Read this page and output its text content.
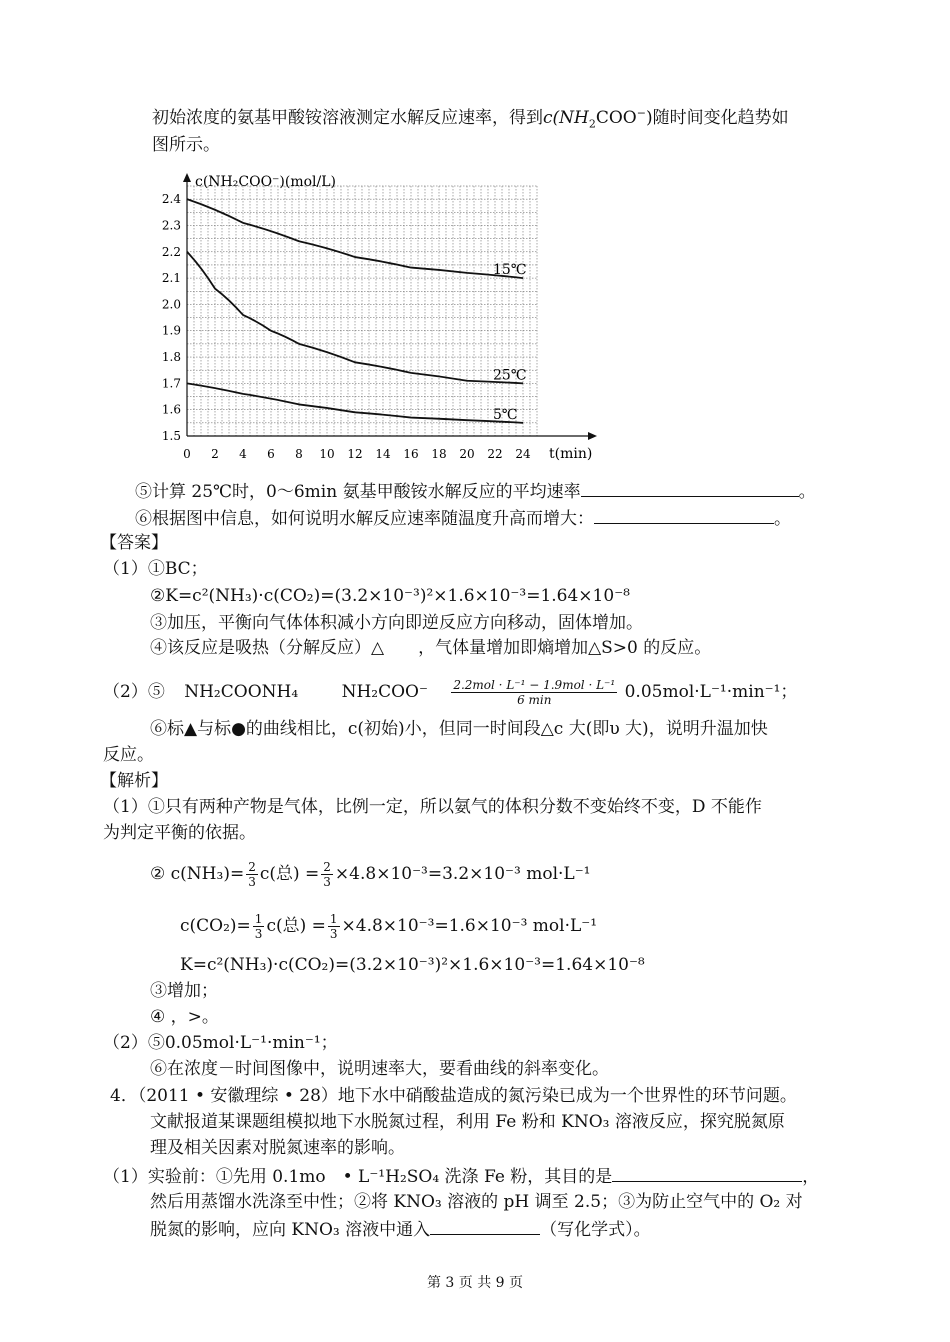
初始浓度的氨基甲酸铵溶液测定水解反应速率，得到$c(NH_2COO^-)$随时间变化趋势如
图所示。
0 2 4 6 8 10 12 14 16 18 20 22 24
2.4
2.3
2.2
2.1
2.0
1.9
1.8
1.7
1.6
1.5
c(NH₂COO⁻)(mol/L)
t(min)
15℃
25℃
5℃
⑤计算 25℃时，0～6min 氨基甲酸铵水解反应的平均速率	。
⑥根据图中信息，如何说明水解反应速率随温度升高而增大：	。
【答案】
（1）①BC；
②K=c²(NH₃)·c(CO₂)=(3.2×10⁻³)²×1.6×10⁻³=1.64×10⁻⁸
③加压，平衡向气体体积减小方向即逆反应方向移动，固体增加。
④该反应是吸热（分解反应）△　　，气体量增加即熵增加△S>0 的反应。
（2）⑤ NH₂COONH₄	$NH_2COO^- \frac{\text{2.2mol · L⁻¹ − 1.9mol · L⁻¹}}{6 \min} 0.05mol\cdot L^{-1}\cdot\min^{-1}$；
⑥标▲与标●的曲线相比，c(初始)小，但同一时间段△c 大(即υ 大)，说明升温加快
反应。
【解析】
（1）①只有两种产物是气体，比例一定，所以氨气的体积分数不变始终不变，D 不能作
为判定平衡的依据。
② $c(NH_3)= \frac{2}{3} c$(总) = $\frac{2}{3} \times 4.8\times 10^{-3}=3.2\times 10^{-3}$ mol·L⁻¹
$c(CO_2)= \frac{1}{3} c$(总) = $\frac{1}{3} \times 4.8\times 10^{-3}=1.6\times 10^{-3}$ mol·L⁻¹
K=c²(NH₃)·c(CO₂)=(3.2×10⁻³)²×1.6×10⁻³=1.64×10⁻⁸
③增加；
④ ，>。
（2）⑤0.05mol·L⁻¹·min⁻¹；
⑥在浓度－时间图像中，说明速率大，要看曲线的斜率变化。
4．（2011 • 安徽理综 • 28）地下水中硝酸盐造成的氮污染已成为一个世界性的环节问题。
文献报道某课题组模拟地下水脱氮过程，利用 Fe 粉和 KNO₃ 溶液反应，探究脱氮原
理及相关因素对脱氮速率的影响。
（1）实验前：①先用 0.1mo　• L⁻¹H₂SO₄ 洗涤 Fe 粉，其目的是	，
然后用蒸馏水洗涤至中性；②将 KNO₃ 溶液的 pH 调至 2.5；③为防止空气中的 O₂ 对
脱氮的影响，应向 KNO₃ 溶液中通入	（写化学式）。
第 3 页 共 9 页
